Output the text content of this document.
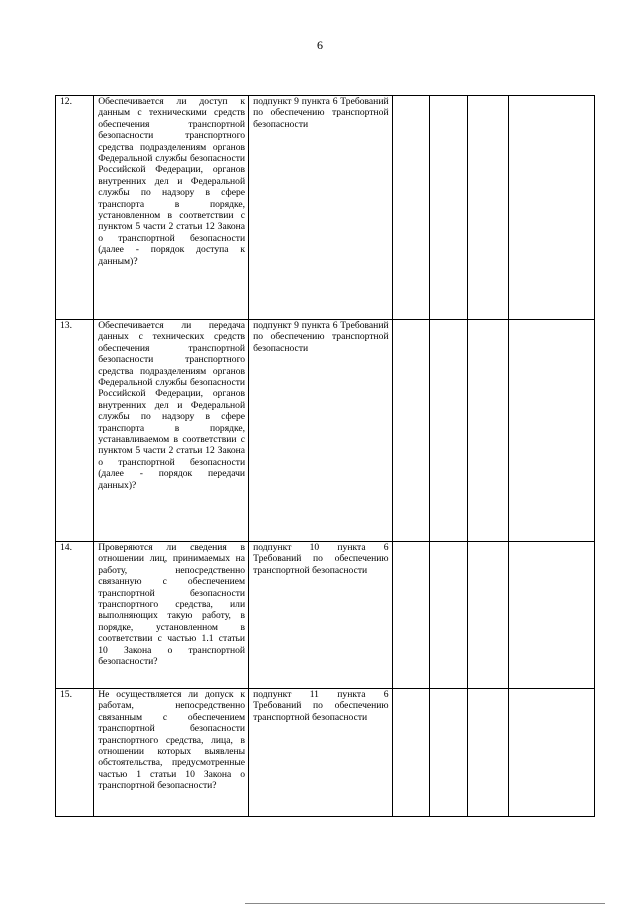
6
12.	Обеспечивается ли доступ к данным с техническими средств обеспечения транспортной безопасности транспортного средства подразделениям органов Федеральной службы безопасности Российской Федерации, органов внутренних дел и Федеральной службы по надзору в сфере транспорта в порядке, установленном в соответствии с пунктом 5 части 2 статьи 12 Закона о транспортной безопасности (далее - порядок доступа к данным)?	подпункт 9 пункта 6 Требований по обеспечению транспортной безопасности				
13.	Обеспечивается ли передача данных с технических средств обеспечения транспортной безопасности транспортного средства подразделениям органов Федеральной службы безопасности Российской Федерации, органов внутренних дел и Федеральной службы по надзору в сфере транспорта в порядке, устанавливаемом в соответствии с пунктом 5 части 2 статьи 12 Закона о транспортной безопасности (далее - порядок передачи данных)?	подпункт 9 пункта 6 Требований по обеспечению транспортной безопасности				
14.	Проверяются ли сведения в отношении лиц, принимаемых на работу, непосредственно связанную с обеспечением транспортной безопасности транспортного средства, или выполняющих такую работу, в порядке, установленном в соответствии с частью 1.1 статьи 10 Закона о транспортной безопасности?	подпункт 10 пункта 6 Требований по обеспечению транспортной безопасности				
15.	Не осуществляется ли допуск к работам, непосредственно связанным с обеспечением транспортной безопасности транспортного средства, лица, в отношении которых выявлены обстоятельства, предусмотренные частью 1 статьи 10 Закона о транспортной безопасности?	подпункт 11 пункта 6 Требований по обеспечению транспортной безопасности				
